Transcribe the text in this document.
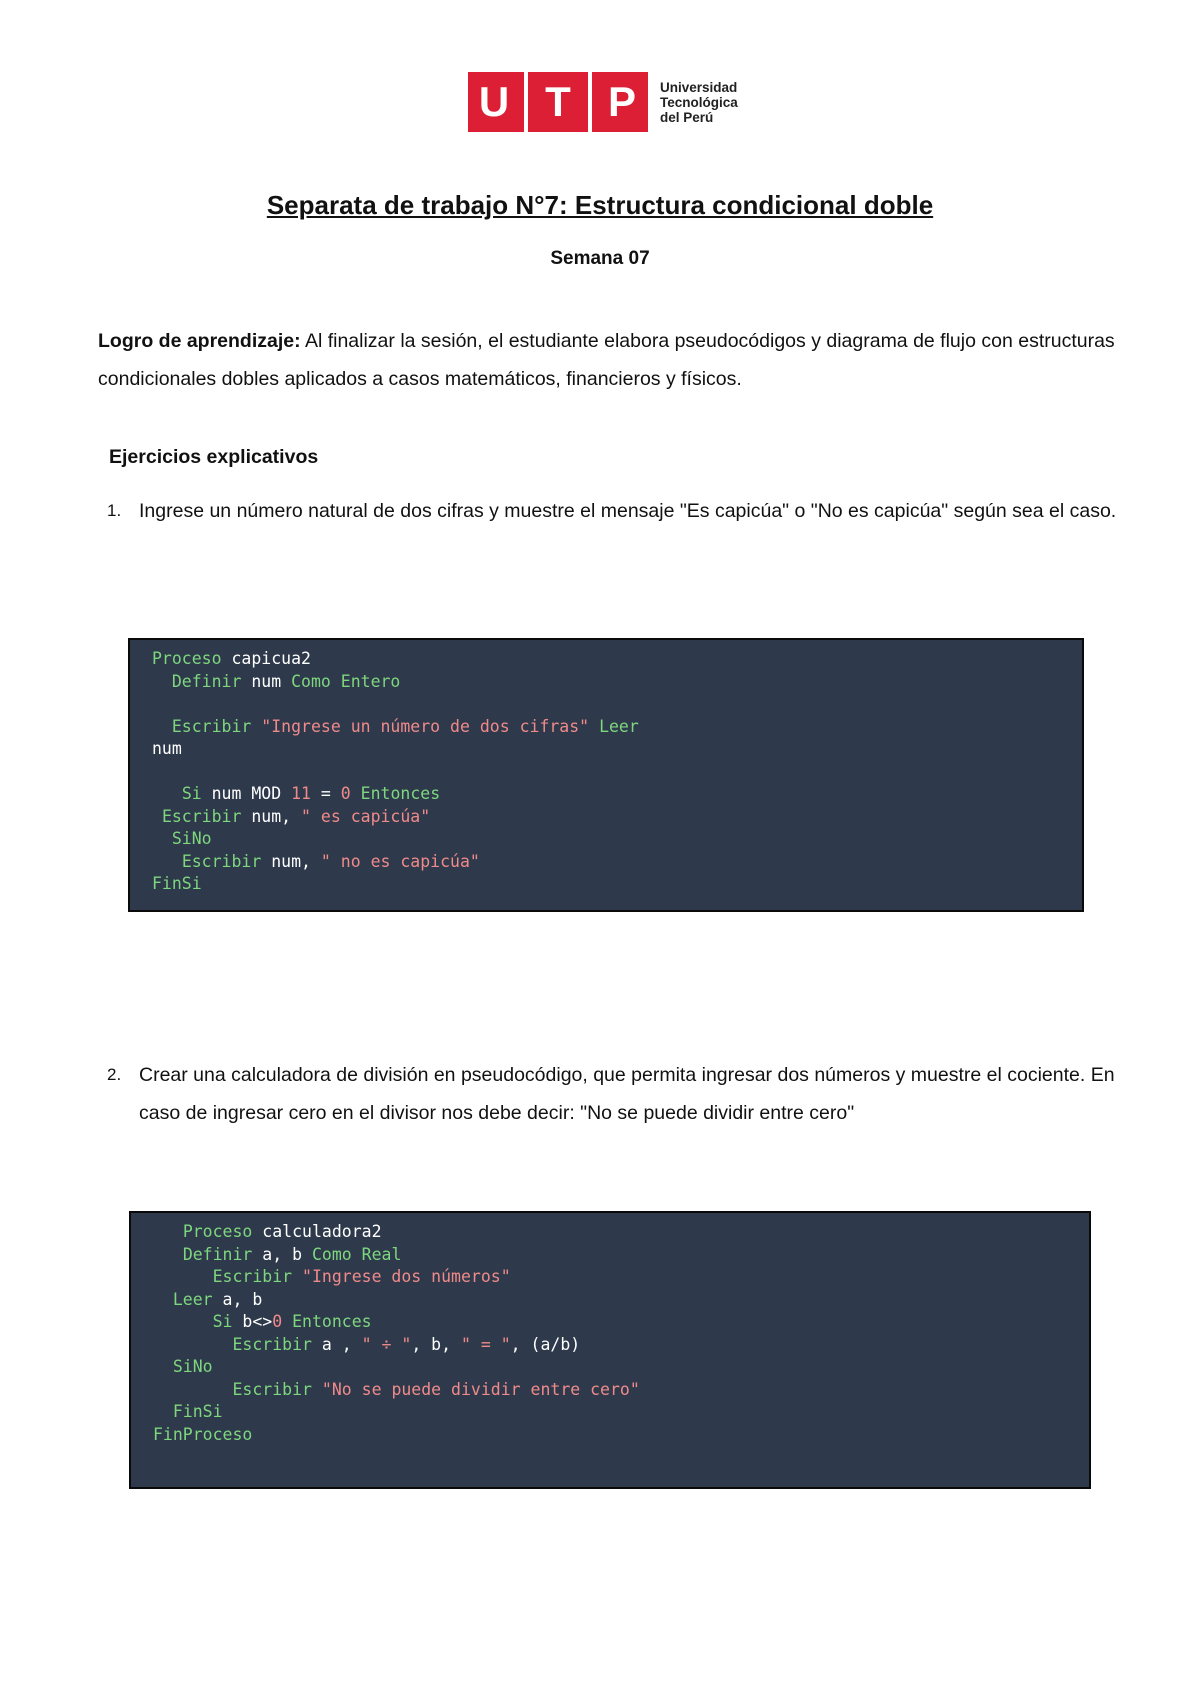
U T P	Universidad
Tecnológica
del Perú
Separata de trabajo N°7: Estructura condicional doble
Semana 07
Logro de aprendizaje: Al finalizar la sesión, el estudiante elabora pseudocódigos y diagrama de flujo con estructuras condicionales dobles aplicados a casos matemáticos, financieros y físicos.
Ejercicios explicativos
1. Ingrese un número natural de dos cifras y muestre el mensaje "Es capicúa" o "No es capicúa" según sea el caso.
Proceso capicua2
Definir num Como Entero
Escribir "Ingrese un número de dos cifras" Leer
num
Si num MOD 11 = 0 Entonces
Escribir num, " es capicúa"
SiNo
Escribir num, " no es capicúa"
FinSi
2. Crear una calculadora de división en pseudocódigo, que permita ingresar dos números y muestre el cociente. En caso de ingresar cero en el divisor nos debe decir: "No se puede dividir entre cero"
Proceso calculadora2
Definir a, b Como Real
Escribir "Ingrese dos números"
Leer a, b
Si b<>0 Entonces
Escribir a , " ÷ ", b, " = ", (a/b)
SiNo
Escribir "No se puede dividir entre cero"
FinSi
FinProceso
